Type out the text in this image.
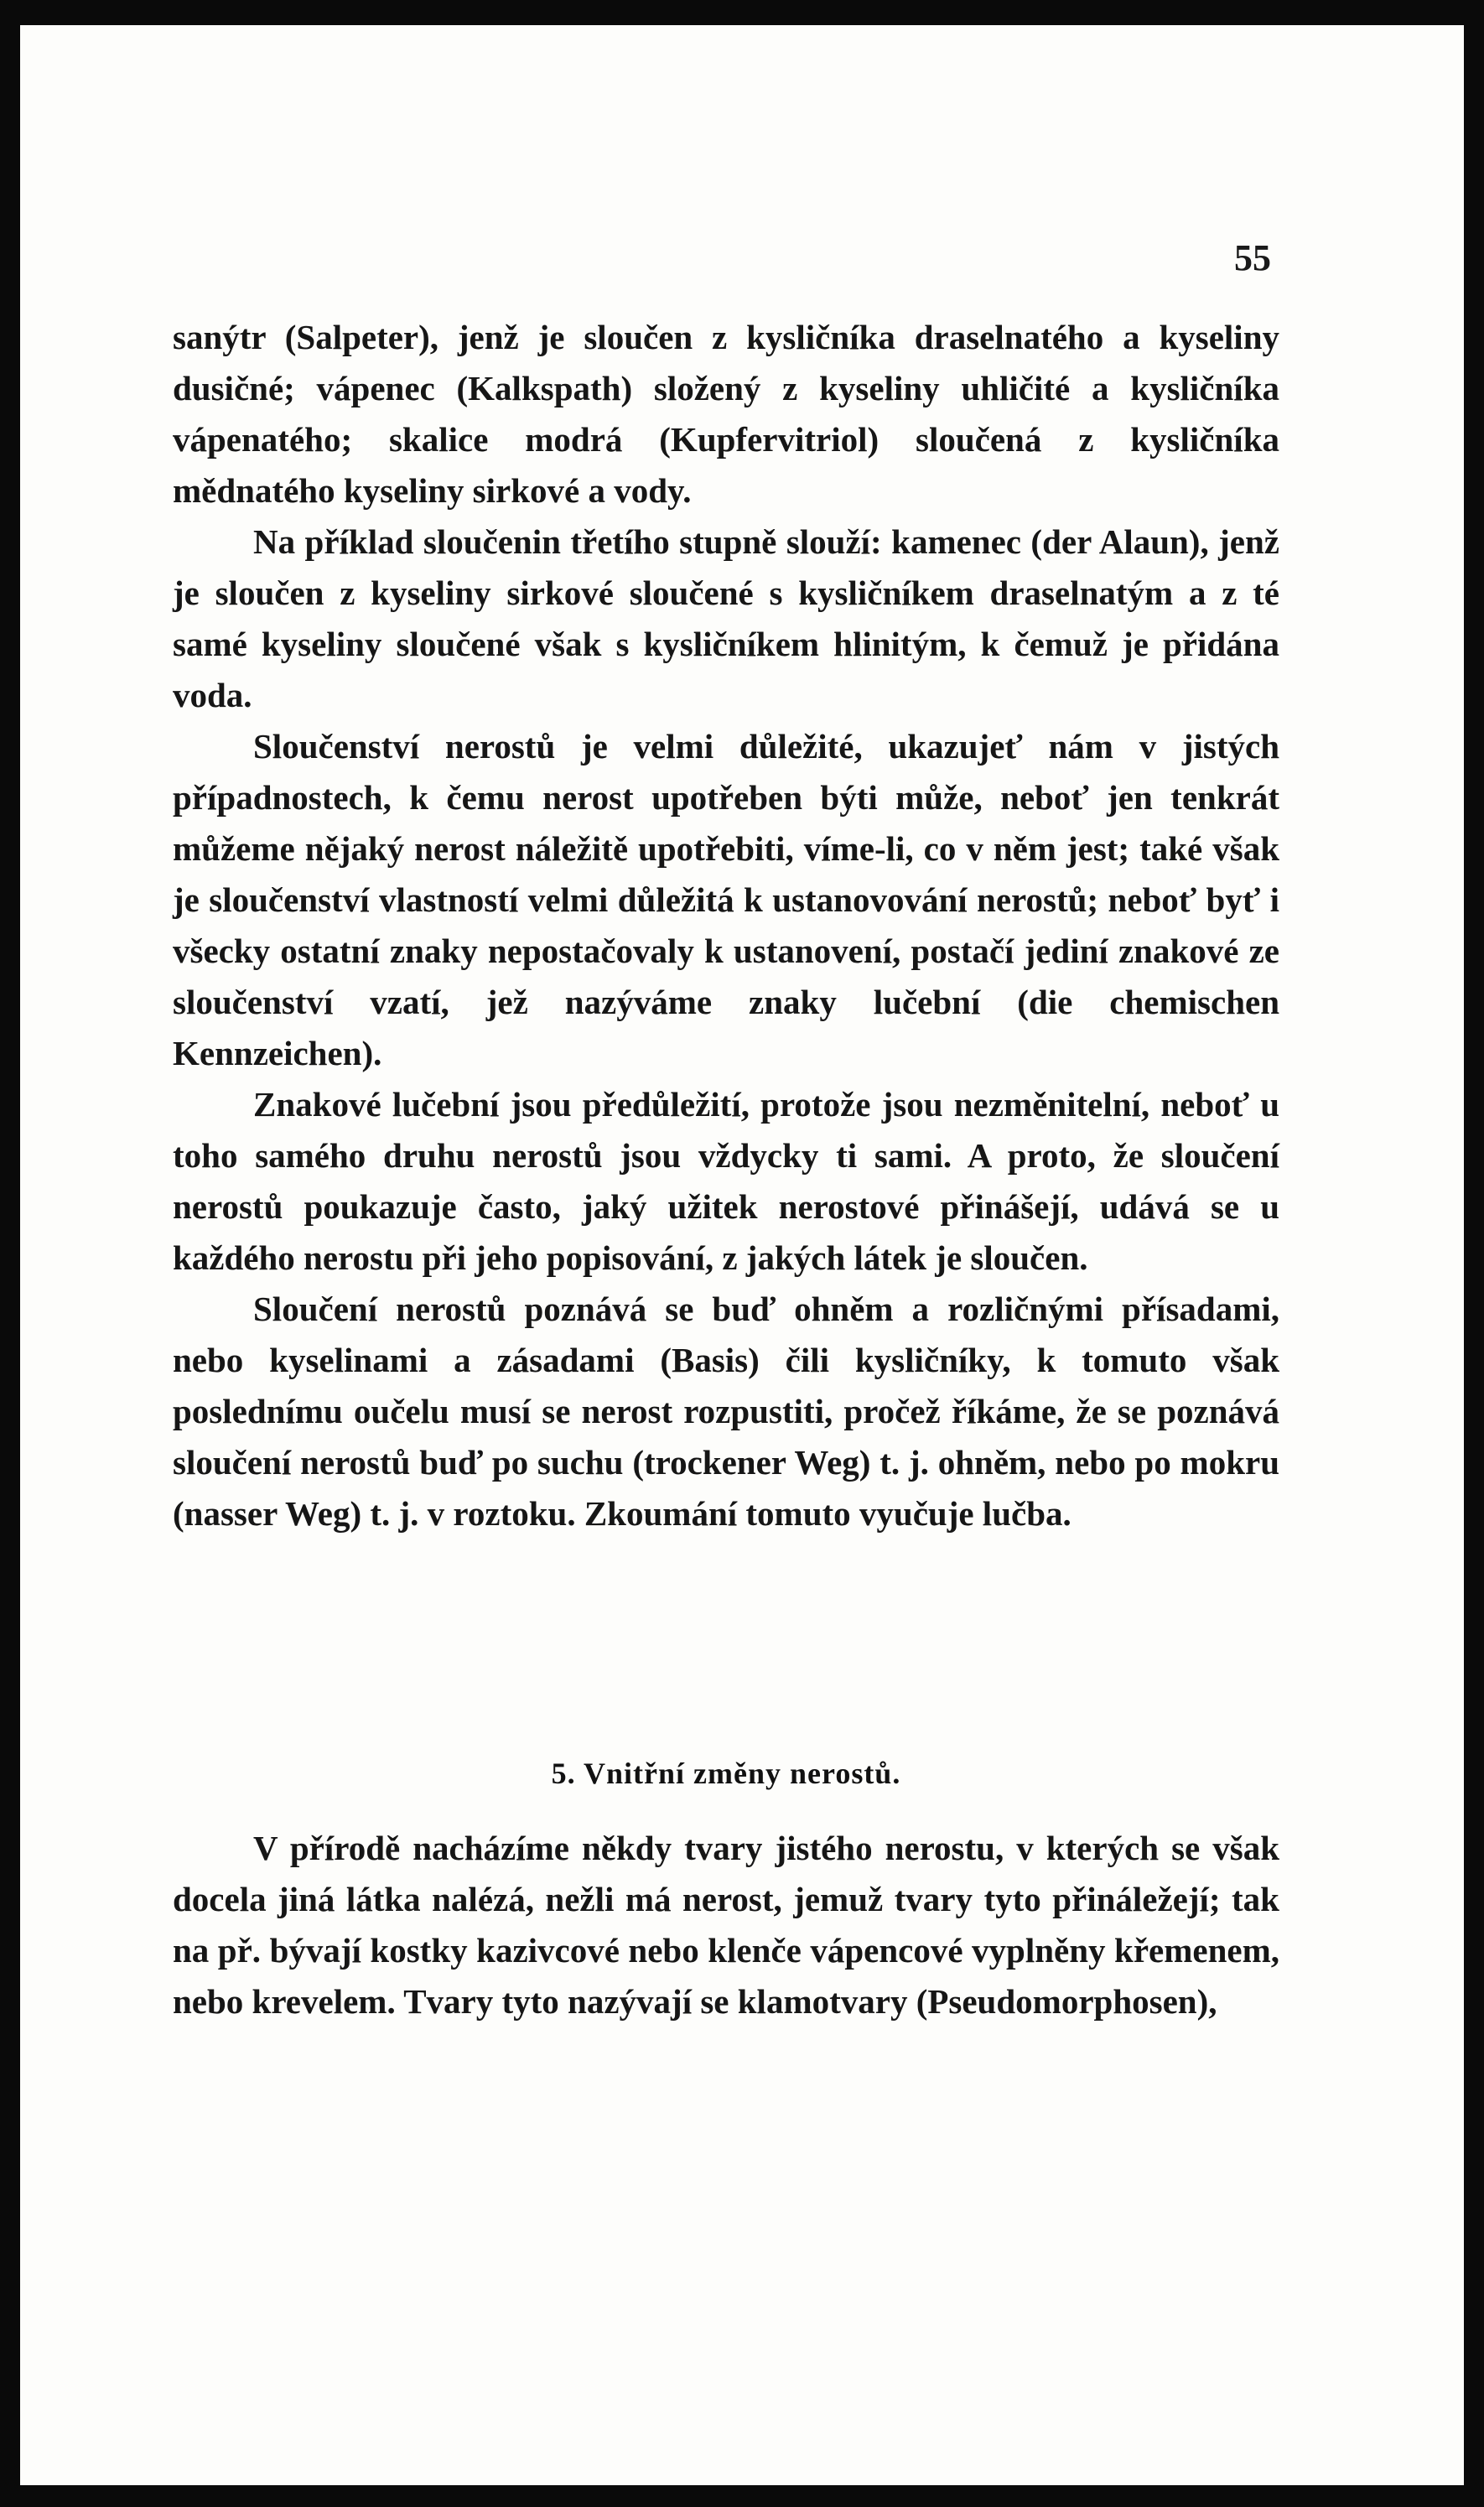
55

sanýtr (Salpeter), jenž je sloučen z kysličníka draselnatého a kyseliny dusičné; vápenec (Kalkspath) složený z kyseliny uhličité a kysličníka vápenatého; skalice modrá (Kupfervitriol) sloučená z kysličníka mědnatého kyseliny sirkové a vody.

Na příklad sloučenin třetího stupně slouží: kamenec (der Alaun), jenž je sloučen z kyseliny sirkové sloučené s kysličníkem draselnatým a z té samé kyseliny sloučené však s kysličníkem hlinitým, k čemuž je přidána voda.

Sloučenství nerostů je velmi důležité, ukazujeť nám v jistých případnostech, k čemu nerost upotřeben býti může, neboť jen tenkrát můžeme nějaký nerost náležitě upotřebiti, víme-li, co v něm jest; také však je sloučenství vlastností velmi důležitá k ustanovování nerostů; neboť byť i všecky ostatní znaky nepostačovaly k ustanovení, postačí jediní znakové ze sloučenství vzatí, jež nazýváme znaky lučební (die chemischen Kennzeichen).

Znakové lučební jsou předůležití, protože jsou nezměnitelní, neboť u toho samého druhu nerostů jsou vždycky ti sami. A proto, že sloučení nerostů poukazuje často, jaký užitek nerostové přinášejí, udává se u každého nerostu při jeho popisování, z jakých látek je sloučen.

Sloučení nerostů poznává se buď ohněm a rozličnými přísadami, nebo kyselinami a zásadami (Basis) čili kysličníky, k tomuto však poslednímu oučelu musí se nerost rozpustiti, pročež říkáme, že se poznává sloučení nerostů buď po suchu (trockener Weg) t. j. ohněm, nebo po mokru (nasser Weg) t. j. v roztoku. Zkoumání tomuto vyučuje lučba.

5. Vnitřní změny nerostů.

V přírodě nacházíme někdy tvary jistého nerostu, v kterých se však docela jiná látka nalézá, nežli má nerost, jemuž tvary tyto přináležejí; tak na př. bývají kostky kazivcové nebo klenče vápencové vyplněny křemenem, nebo krevelem. Tvary tyto nazývají se klamotvary (Pseudomorphosen),
